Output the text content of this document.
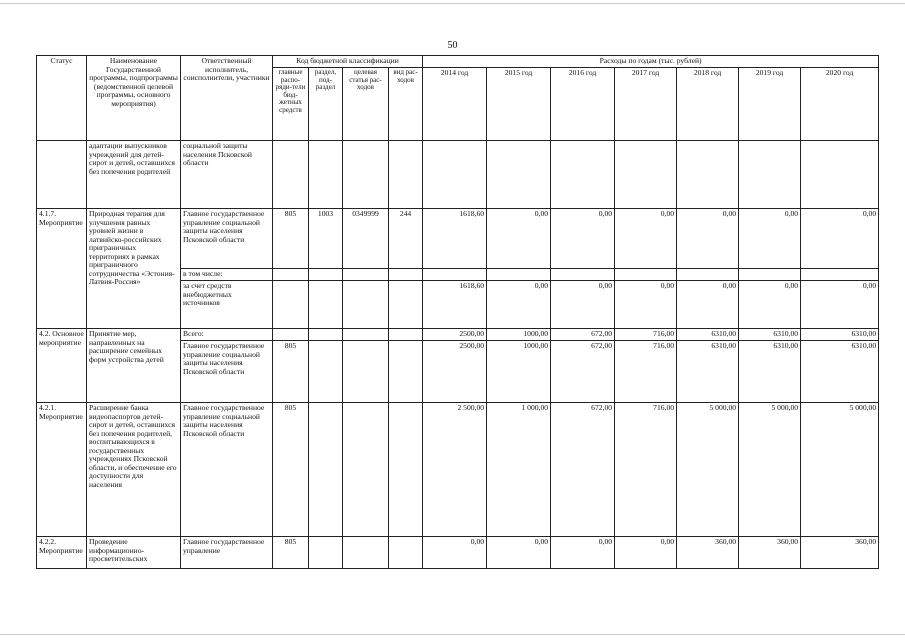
50
Статус	Наименование Государственной программы, подпрограммы (ведомственной целевой программы, основного мероприятия)	Ответственный исполнитель, соисполнители, участники	Код бюджетной классификации				Расходы по годам (тыс. рублей)						
			главные распо-ряди-тели бюд-жетных средств	раздел, под-раздел	целевая статья рас-ходов	вид рас-ходов	2014 год	2015 год	2016 год	2017 год	2018 год	2019 год	2020 год
	адаптации выпускников учреждений для детей-сирот и детей, оставшихся без попечения родителей	социальной защиты населения Псковской области											
4.1.7. Мероприятие	Природная терапия для улучшения равных уровней жизни в латвийско-российских приграничных территориях в рамках приграничного сотрудничества «Эстония-Латвия-Россия»	Главное государственное управление социальной защиты населения Псковской области	805	1003	0349999	244	1618,60	0,00	0,00	0,00	0,00	0,00	0,00
		в том числе:											
		за счет средств внебюджетных источников					1618,60	0,00	0,00	0,00	0,00	0,00	0,00
4.2. Основное мероприятие	Принятие мер, направленных на расширение семейных форм устройства детей	Всего:					2500,00	1000,00	672,00	716,00	6310,00	6310,00	6310,00
		Главное государственное управление социальной защиты населения Псковской области	805				2500,00	1000,00	672,00	716,00	6310,00	6310,00	6310,00
4.2.1. Мероприятие	Расширение банка видеопаспортов детей-сирот и детей, оставшихся без попечения родителей, воспитывающихся в государственных учреждениях Псковской области, и обеспечение его доступности для населения	Главное государственное управление социальной защиты населения Псковской области	805				2 500,00	1 000,00	672,00	716,00	5 000,00	5 000,00	5 000,00
4.2.2. Мероприятие	Проведение информационно-просветительских	Главное государственное управление	805				0,00	0,00	0,00	0,00	360,00	360,00	360,00
